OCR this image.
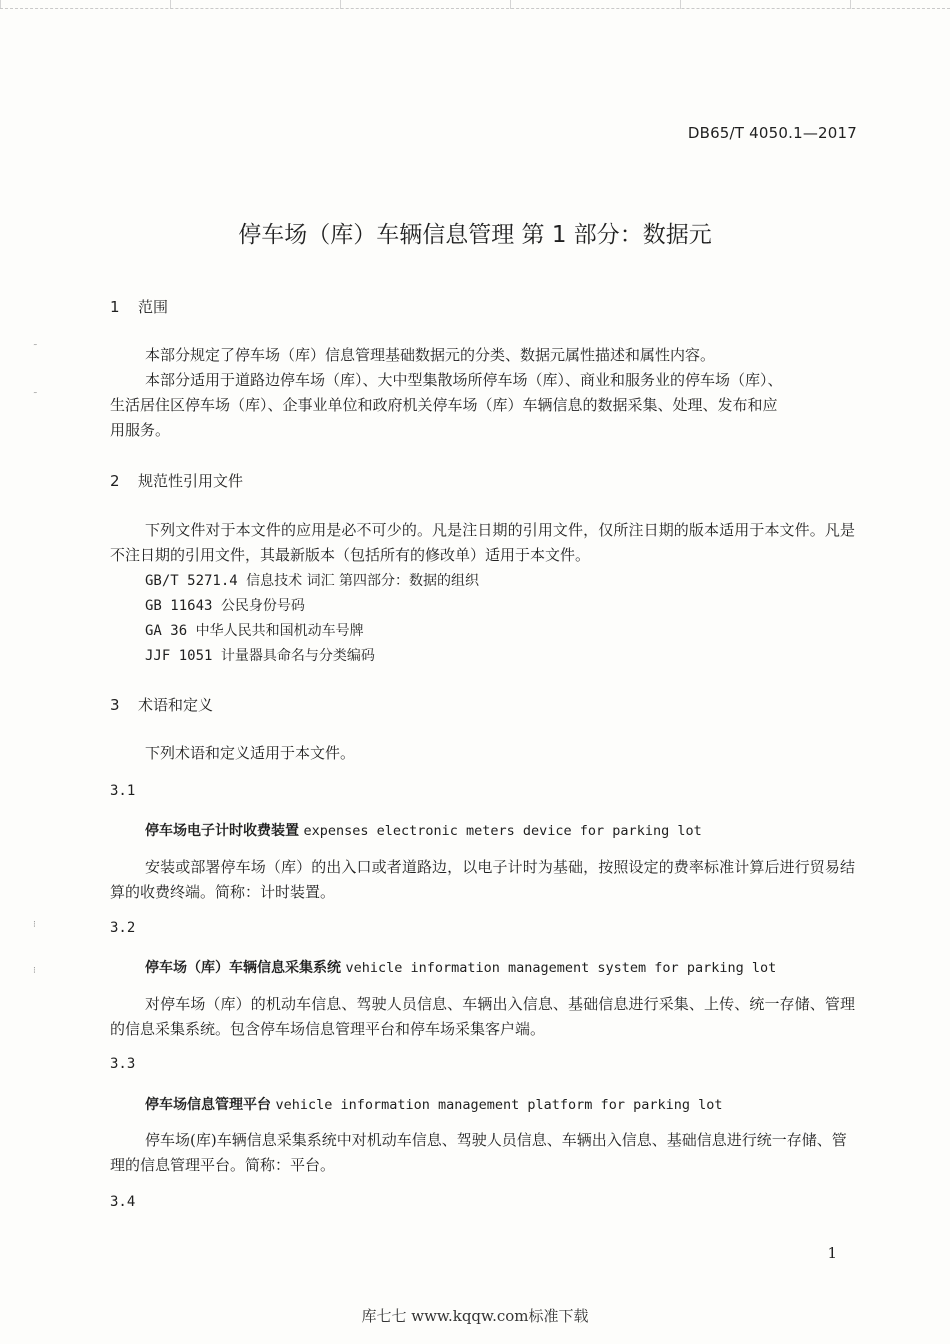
˜
˜
⁝
⁝
DB65/T 4050.1—2017
停车场（库）车辆信息管理 第 1 部分：数据元
1 范围
本部分规定了停车场（库）信息管理基础数据元的分类、数据元属性描述和属性内容。
本部分适用于道路边停车场（库）、大中型集散场所停车场（库）、商业和服务业的停车场（库）、
生活居住区停车场（库）、企事业单位和政府机关停车场（库）车辆信息的数据采集、处理、发布和应
用服务。
2 规范性引用文件
下列文件对于本文件的应用是必不可少的。凡是注日期的引用文件，仅所注日期的版本适用于本文件。凡是不注日期的引用文件，其最新版本（包括所有的修改单）适用于本文件。
GB/T 5271.4 信息技术 词汇 第四部分：数据的组织
GB 11643 公民身份号码
GA 36 中华人民共和国机动车号牌
JJF 1051 计量器具命名与分类编码
3 术语和定义
下列术语和定义适用于本文件。
3.1
停车场电子计时收费装置 expenses electronic meters device for parking lot
安装或部署停车场（库）的出入口或者道路边，以电子计时为基础，按照设定的费率标准计算后进行贸易结算的收费终端。简称：计时装置。
3.2
停车场（库）车辆信息采集系统 vehicle information management system for parking lot
对停车场（库）的机动车信息、驾驶人员信息、车辆出入信息、基础信息进行采集、上传、统一存储、管理的信息采集系统。包含停车场信息管理平台和停车场采集客户端。
3.3
停车场信息管理平台 vehicle information management platform for parking lot
停车场(库)车辆信息采集系统中对机动车信息、驾驶人员信息、车辆出入信息、基础信息进行统一存储、管理的信息管理平台。简称：平台。
3.4
1
库七七 www.kqqw.com标准下载
